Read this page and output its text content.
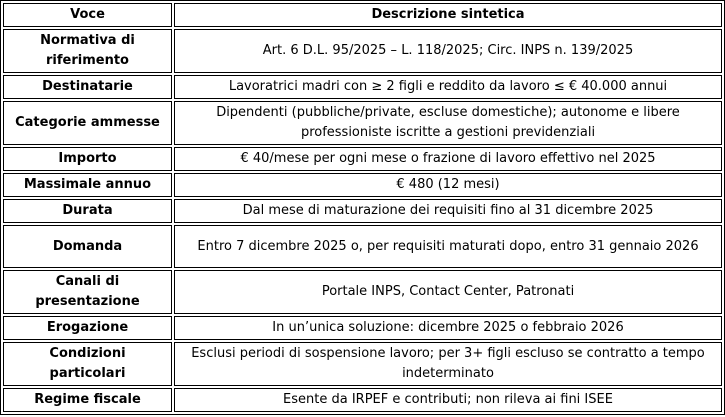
Voce	Descrizione sintetica
Normativa di riferimento	Art. 6 D.L. 95/2025 – L. 118/2025; Circ. INPS n. 139/2025
Destinatarie	Lavoratrici madri con ≥ 2 figli e reddito da lavoro ≤ € 40.000 annui
Categorie ammesse	Dipendenti (pubbliche/private, escluse domestiche); autonome e libere professioniste iscritte a gestioni previdenziali
Importo	€ 40/mese per ogni mese o frazione di lavoro effettivo nel 2025
Massimale annuo	€ 480 (12 mesi)
Durata	Dal mese di maturazione dei requisiti fino al 31 dicembre 2025
Domanda	Entro 7 dicembre 2025 o, per requisiti maturati dopo, entro 31 gennaio 2026
Canali di presentazione	Portale INPS, Contact Center, Patronati
Erogazione	In un’unica soluzione: dicembre 2025 o febbraio 2026
Condizioni particolari	Esclusi periodi di sospensione lavoro; per 3+ figli escluso se contratto a tempo indeterminato
Regime fiscale	Esente da IRPEF e contributi; non rileva ai fini ISEE
